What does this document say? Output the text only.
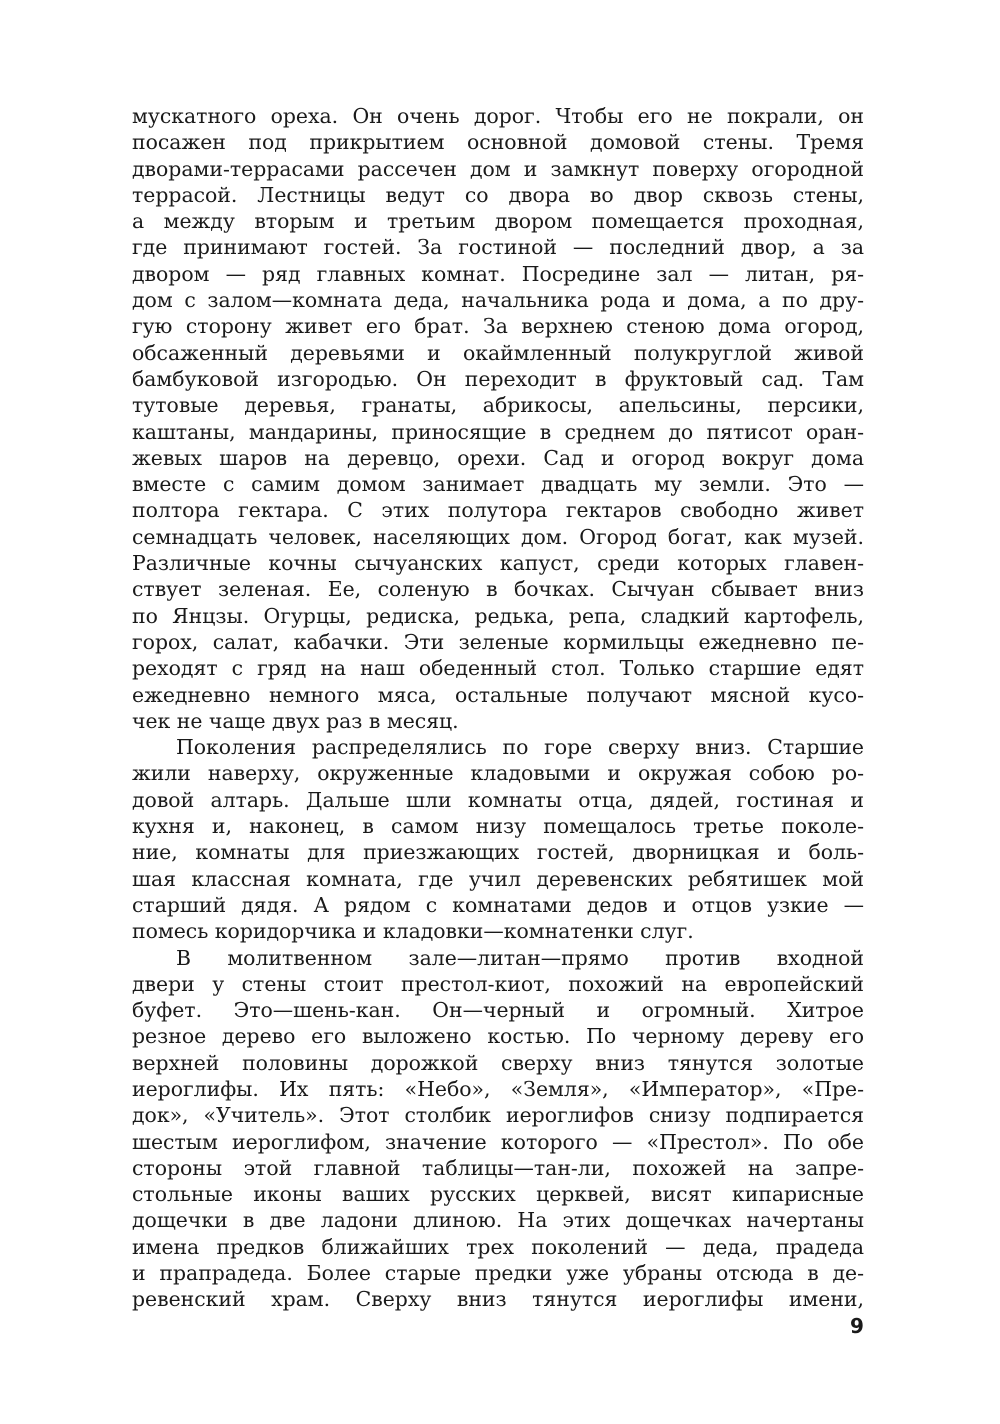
мускатного ореха. Он очень дорог. Чтобы его не покрали, он
посажен под прикрытием основной домовой стены. Тремя
дворами-террасами рассечен дом и замкнут поверху огородной
террасой. Лестницы ведут со двора во двор сквозь стены,
а между вторым и третьим двором помещается проходная,
где принимают гостей. За гостиной — последний двор, а за
двором — ряд главных комнат. Посредине зал — литан, ря-
дом с залом—комната деда, начальника рода и дома, а по дру-
гую сторону живет его брат. За верхнею стеною дома огород,
обсаженный деревьями и окаймленный полукруглой живой
бамбуковой изгородью. Он переходит в фруктовый сад. Там
тутовые деревья, гранаты, абрикосы, апельсины, персики,
каштаны, мандарины, приносящие в среднем до пятисот оран-
жевых шаров на деревцо, орехи. Сад и огород вокруг дома
вместе с самим домом занимает двадцать му земли. Это —
полтора гектара. С этих полутора гектаров свободно живет
семнадцать человек, населяющих дом. Огород богат, как музей.
Различные кочны сычуанских капуст, среди которых главен-
ствует зеленая. Ее, соленую в бочках. Сычуан сбывает вниз
по Янцзы. Огурцы, редиска, редька, репа, сладкий картофель,
горох, салат, кабачки. Эти зеленые кормильцы ежедневно пе-
реходят с гряд на наш обеденный стол. Только старшие едят
ежедневно немного мяса, остальные получают мясной кусо-
чек не чаще двух раз в месяц.
Поколения распределялись по горе сверху вниз. Старшие
жили наверху, окруженные кладовыми и окружая собою ро-
довой алтарь. Дальше шли комнаты отца, дядей, гостиная и
кухня и, наконец, в самом низу помещалось третье поколе-
ние, комнаты для приезжающих гостей, дворницкая и боль-
шая классная комната, где учил деревенских ребятишек мой
старший дядя. А рядом с комнатами дедов и отцов узкие —
помесь коридорчика и кладовки—комнатенки слуг.
В молитвенном зале—литан—прямо против входной
двери у стены стоит престол-киот, похожий на европейский
буфет. Это—шень-кан. Он—черный и огромный. Хитрое
резное дерево его выложено костью. По черному дереву его
верхней половины дорожкой сверху вниз тянутся золотые
иероглифы. Их пять: «Небо», «Земля», «Император», «Пре-
док», «Учитель». Этот столбик иероглифов снизу подпирается
шестым иероглифом, значение которого — «Престол». По обе
стороны этой главной таблицы—тан-ли, похожей на запре-
стольные иконы ваших русских церквей, висят кипарисные
дощечки в две ладони длиною. На этих дощечках начертаны
имена предков ближайших трех поколений — деда, прадеда
и прапрадеда. Более старые предки уже убраны отсюда в де-
ревенский храм. Сверху вниз тянутся иероглифы имени,
9
